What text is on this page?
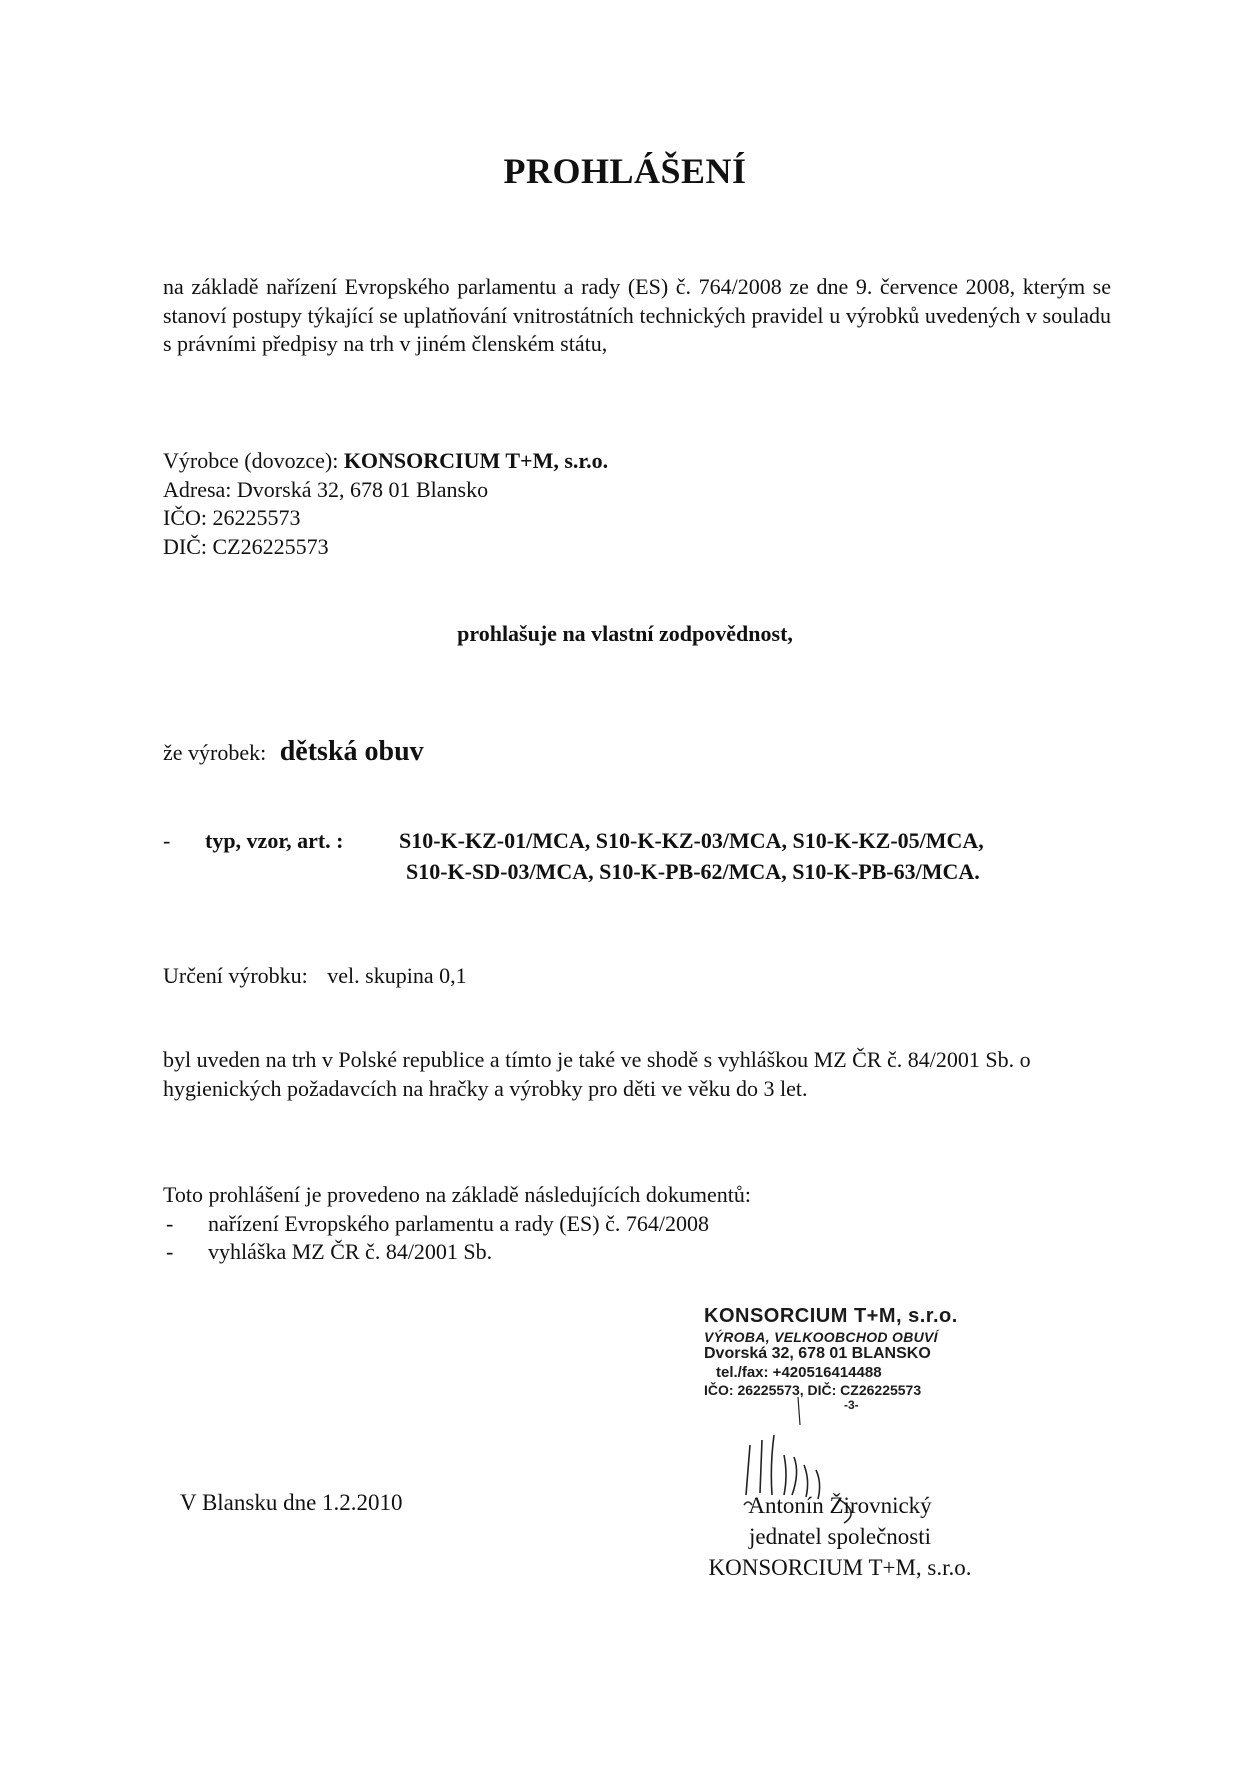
PROHLÁŠENÍ
na základě nařízení Evropského parlamentu a rady (ES) č. 764/2008 ze dne 9. července 2008, kterým se stanoví postupy týkající se uplatňování vnitrostátních technických pravidel u výrobků uvedených v souladu s právními předpisy na trh v jiném členském státu,
Výrobce (dovozce): KONSORCIUM T+M, s.r.o.
Adresa: Dvorská 32, 678 01 Blansko
IČO: 26225573
DIČ: CZ26225573
prohlašuje na vlastní zodpovědnost,
že výrobek: dětská obuv
- typ, vzor, art. :	S10-K-KZ-01/MCA, S10-K-KZ-03/MCA, S10-K-KZ-05/MCA,
S10-K-SD-03/MCA, S10-K-PB-62/MCA, S10-K-PB-63/MCA.
Určení výrobku: vel. skupina 0,1
byl uveden na trh v Polské republice a tímto je také ve shodě s vyhláškou MZ ČR č. 84/2001 Sb. o hygienických požadavcích na hračky a výrobky pro děti ve věku do 3 let.
Toto prohlášení je provedeno na základě následujících dokumentů:
- nařízení Evropského parlamentu a rady (ES) č. 764/2008
- vyhláška MZ ČR č. 84/2001 Sb.
KONSORCIUM T+M, s.r.o.
VÝROBA, VELKOOBCHOD OBUVÍ
Dvorská 32, 678 01 BLANSKO
tel./fax: +420516414488
IČO: 26225573, DIČ: CZ26225573
-3-
V Blansku dne 1.2.2010	Antonín Žirovnický
jednatel společnosti
KONSORCIUM T+M, s.r.o.
